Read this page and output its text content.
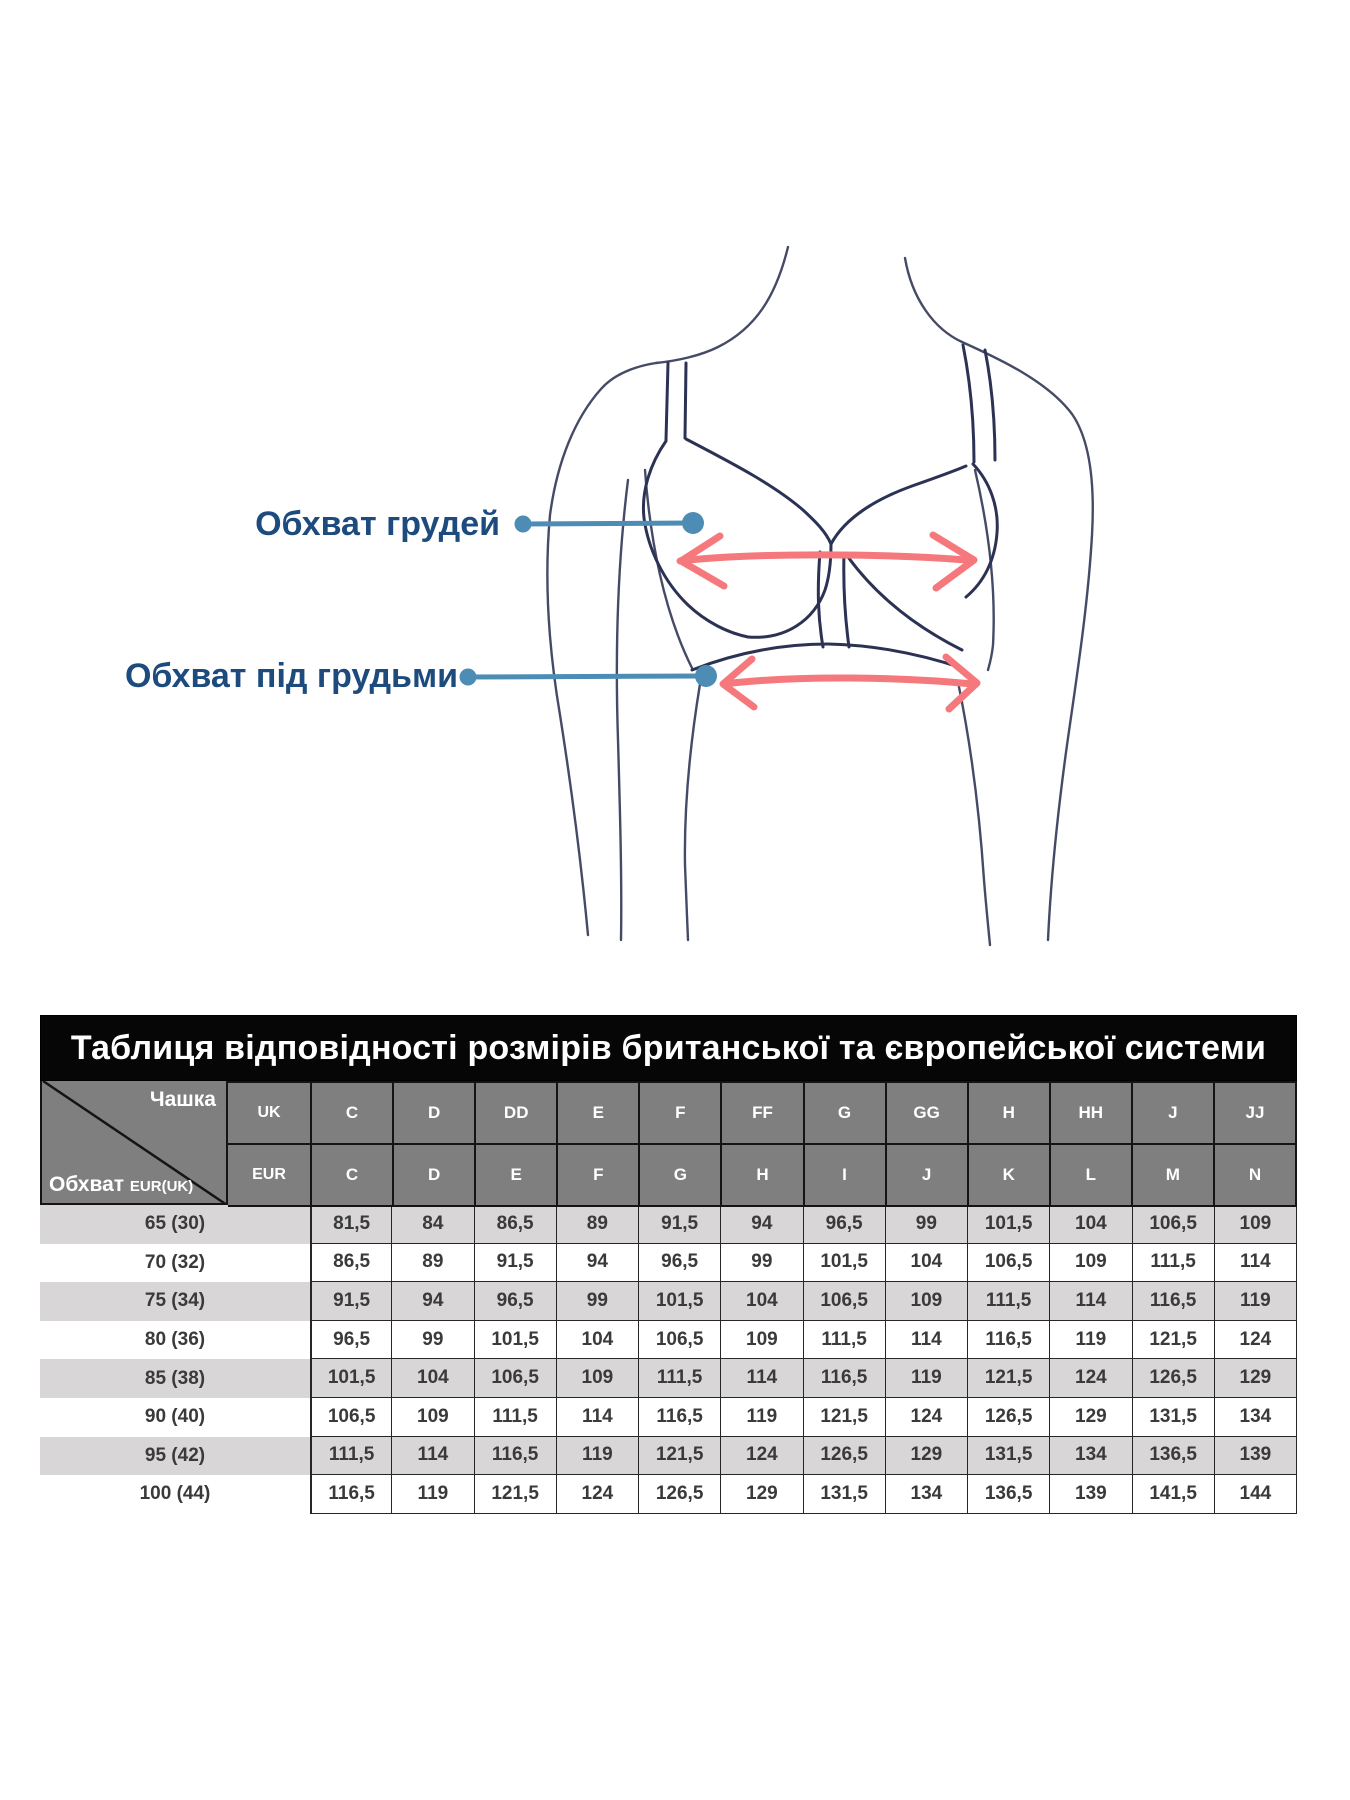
Обхват грудей
Обхват під грудьми
Таблиця відповідності розмірів британської та європейської системи
Чашка
Обхват EUR(UK)
UK	C	D	DD	E	F	FF	G	GG	H	HH	J	JJ
EUR	C	D	E	F	G	H	I	J	K	L	M	N
65 (30)	81,5	84	86,5	89	91,5	94	96,5	99	101,5	104	106,5	109
70 (32)	86,5	89	91,5	94	96,5	99	101,5	104	106,5	109	111,5	114
75 (34)	91,5	94	96,5	99	101,5	104	106,5	109	111,5	114	116,5	119
80 (36)	96,5	99	101,5	104	106,5	109	111,5	114	116,5	119	121,5	124
85 (38)	101,5	104	106,5	109	111,5	114	116,5	119	121,5	124	126,5	129
90 (40)	106,5	109	111,5	114	116,5	119	121,5	124	126,5	129	131,5	134
95 (42)	111,5	114	116,5	119	121,5	124	126,5	129	131,5	134	136,5	139
100 (44)	116,5	119	121,5	124	126,5	129	131,5	134	136,5	139	141,5	144
